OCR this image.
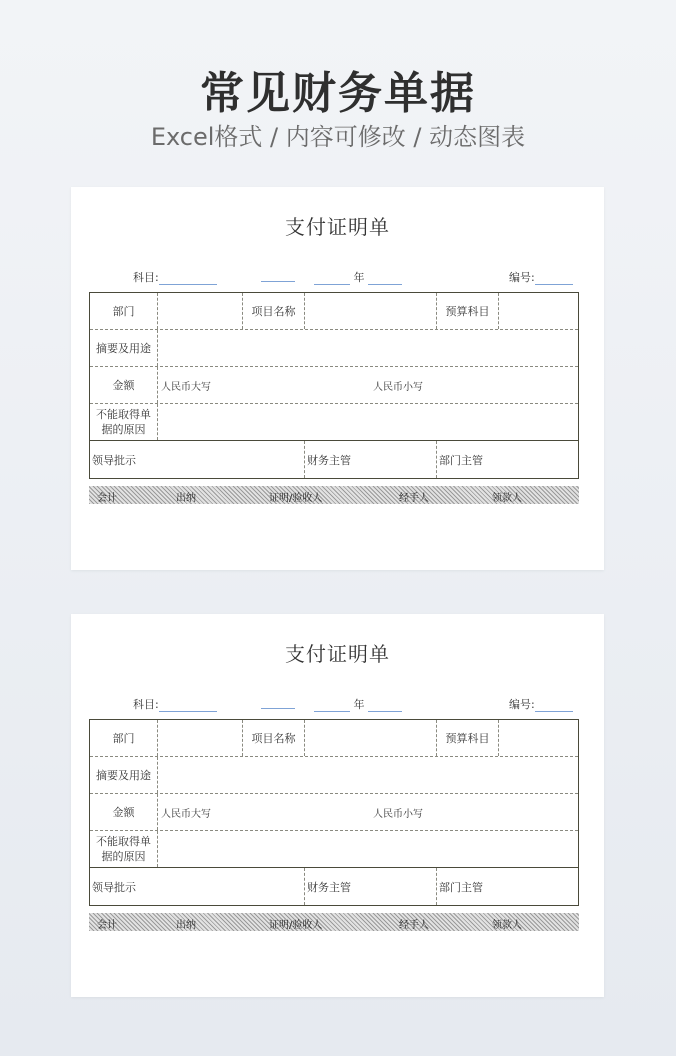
常见财务单据
Excel格式 / 内容可修改 / 动态图表
支付证明单
科目:	年	编号:
部门	项目名称	预算科目
摘要及用途
金额	人民币大写	人民币小写
不能取得单据的原因
领导批示	财务主管	部门主管
会计	出纳	证明/验收人	经手人	领款人
支付证明单
科目:	年	编号:
部门	项目名称	预算科目
摘要及用途
金额	人民币大写	人民币小写
不能取得单据的原因
领导批示	财务主管	部门主管
会计	出纳	证明/验收人	经手人	领款人
